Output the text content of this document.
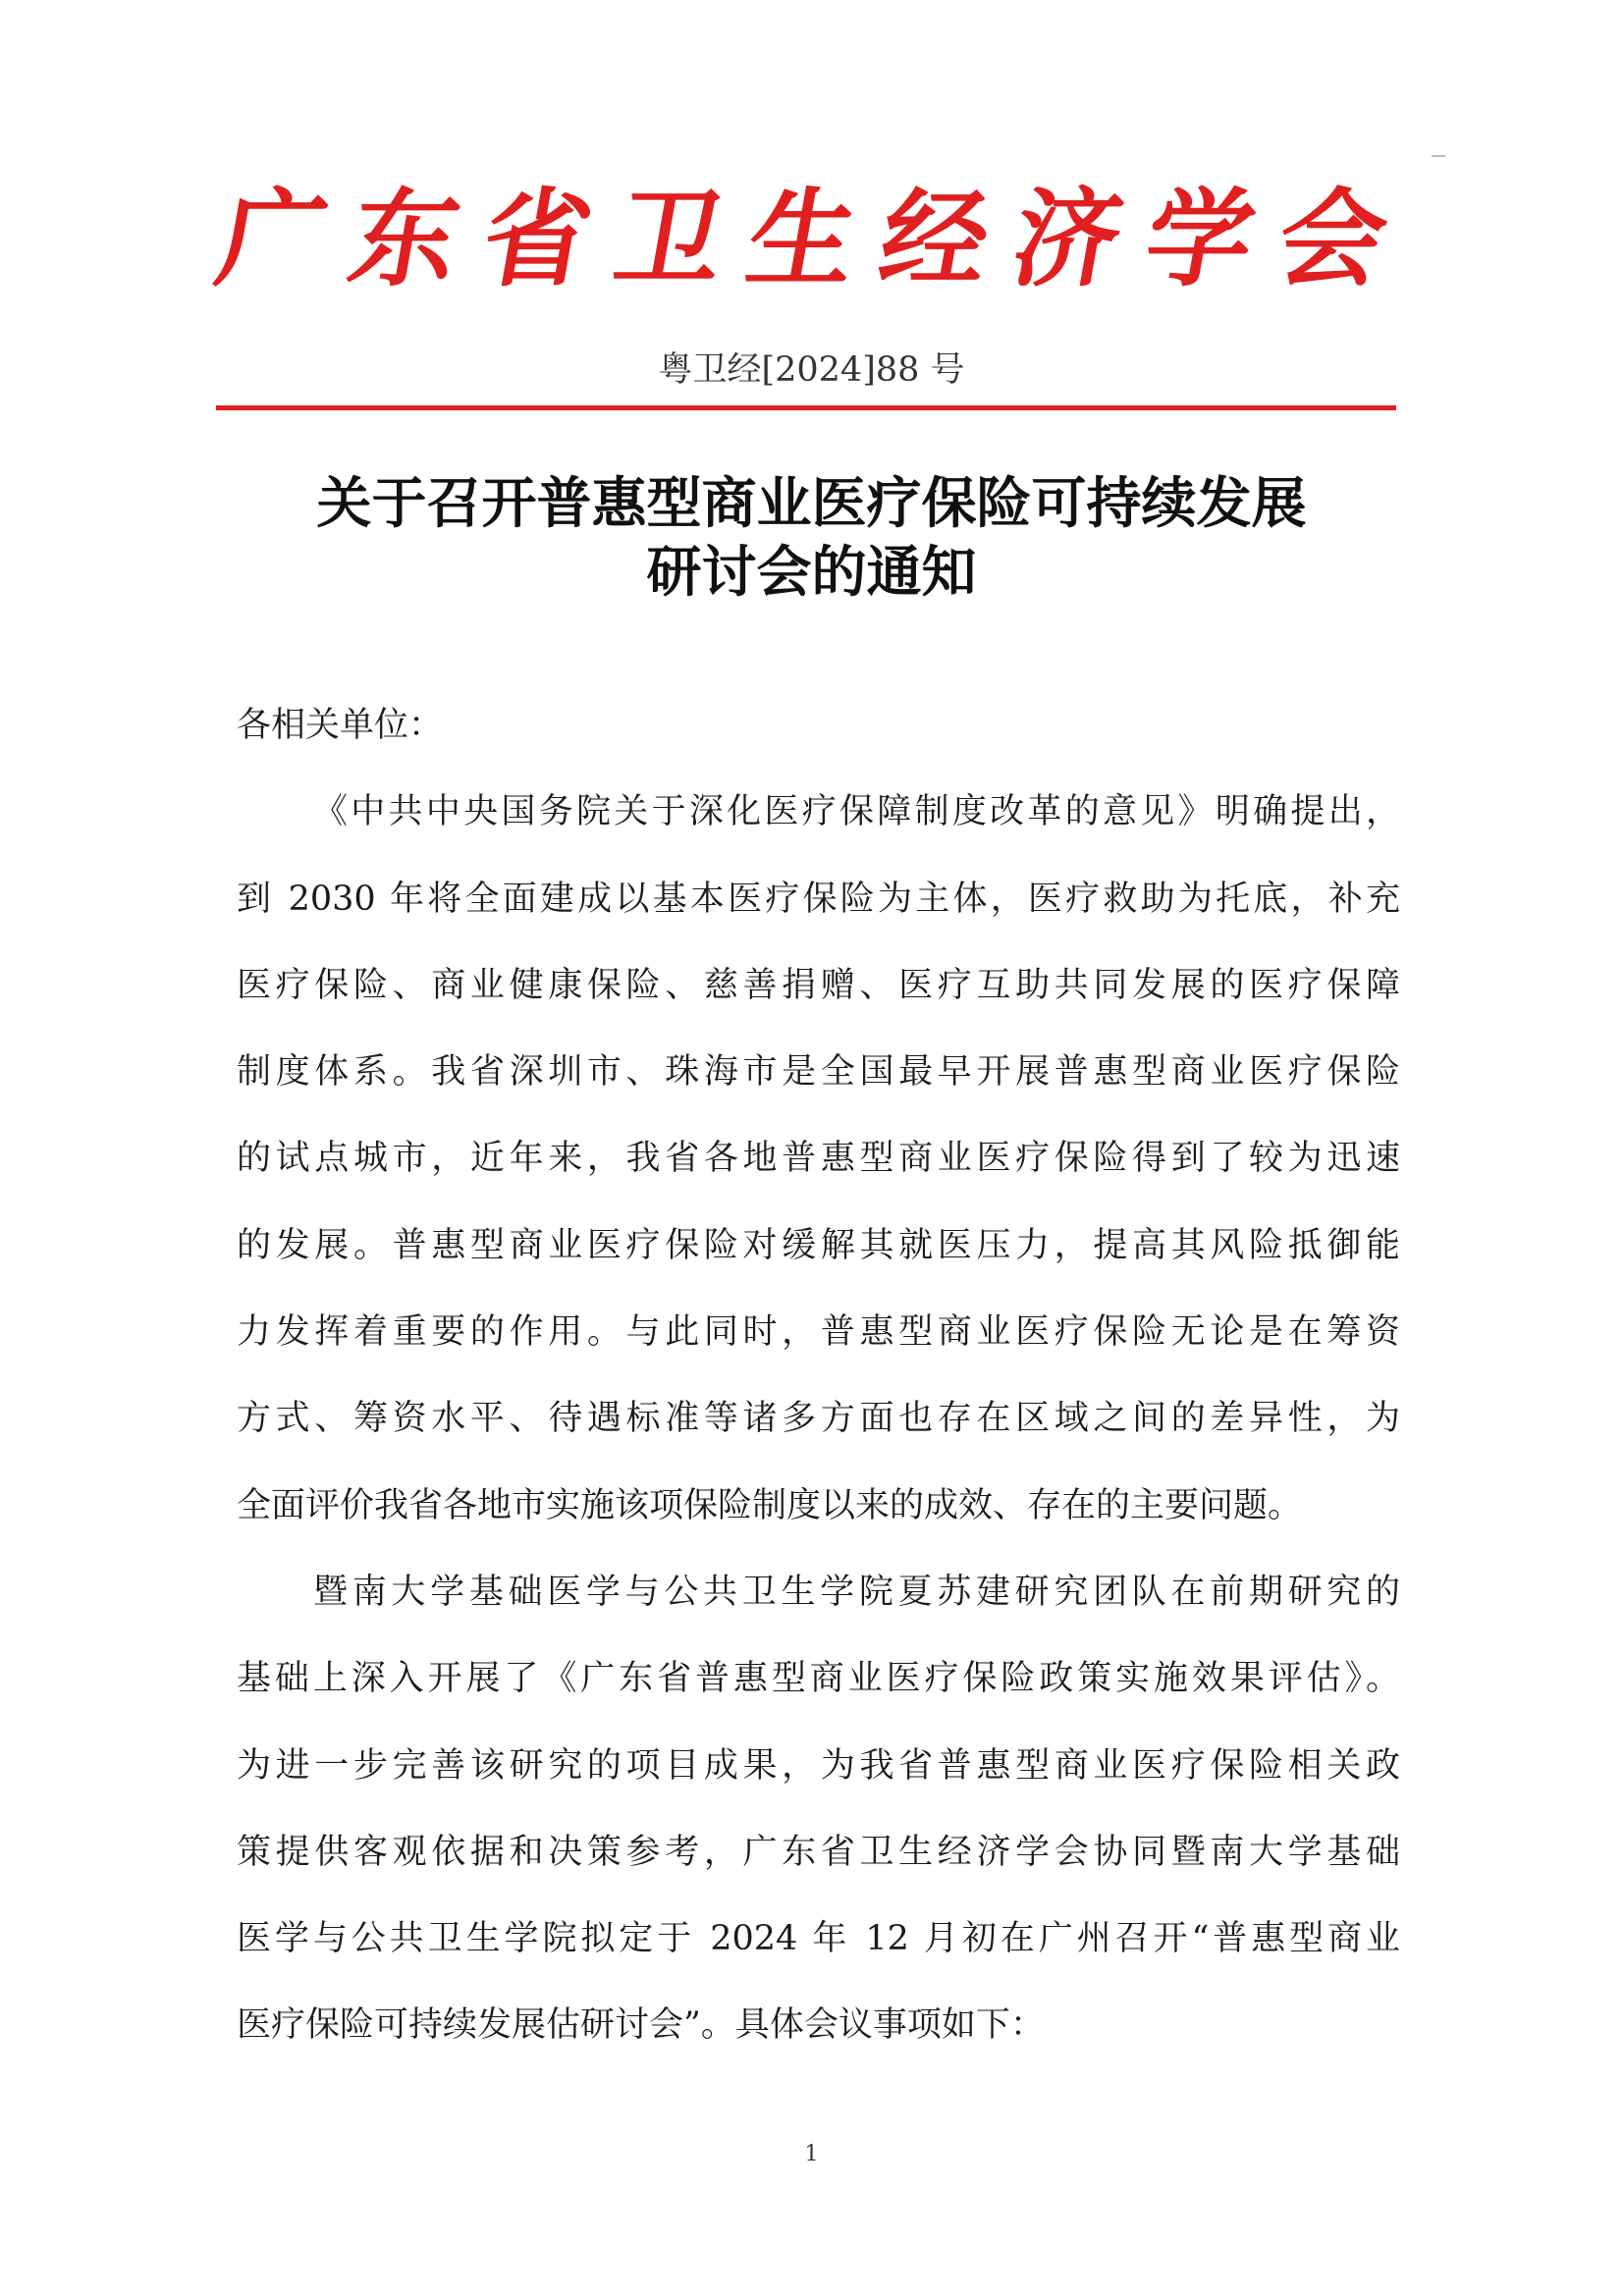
广 东 省 卫 生 经 济 学 会
粤卫经[2024]88 号
关于召开普惠型商业医疗保险可持续发展
研讨会的通知
各相关单位：
《中共中央国务院关于深化医疗保障制度改革的意见》明确提出，
到 2030 年将全面建成以基本医疗保险为主体，医疗救助为托底，补充
医疗保险、商业健康保险、慈善捐赠、医疗互助共同发展的医疗保障
制度体系。我省深圳市、珠海市是全国最早开展普惠型商业医疗保险
的试点城市，近年来，我省各地普惠型商业医疗保险得到了较为迅速
的发展。普惠型商业医疗保险对缓解其就医压力，提高其风险抵御能
力发挥着重要的作用。与此同时，普惠型商业医疗保险无论是在筹资
方式、筹资水平、待遇标准等诸多方面也存在区域之间的差异性，为
全面评价我省各地市实施该项保险制度以来的成效、存在的主要问题。
暨南大学基础医学与公共卫生学院夏苏建研究团队在前期研究的
基础上深入开展了《广东省普惠型商业医疗保险政策实施效果评估》。
为进一步完善该研究的项目成果，为我省普惠型商业医疗保险相关政
策提供客观依据和决策参考，广东省卫生经济学会协同暨南大学基础
医学与公共卫生学院拟定于 2024 年 12 月初在广州召开“普惠型商业
医疗保险可持续发展估研讨会”。具体会议事项如下：
1
